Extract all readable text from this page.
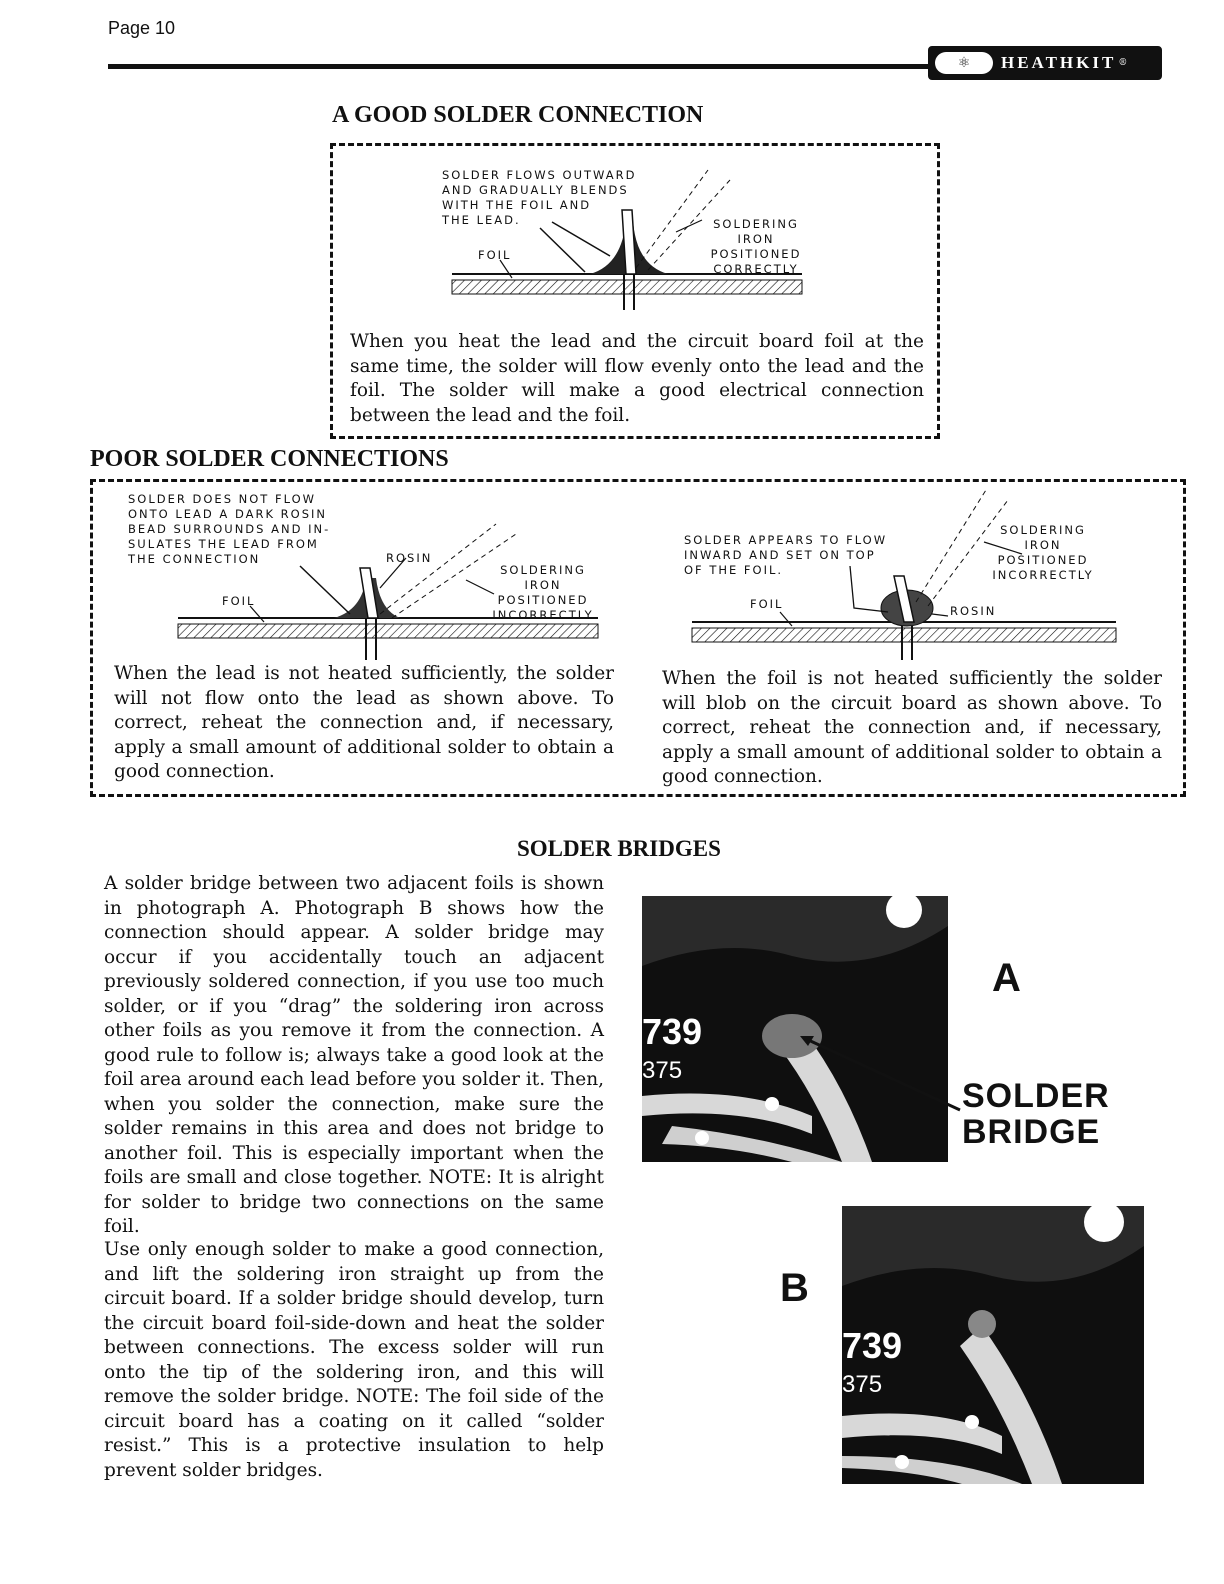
Page 10
⚛	HEATHKIT ®
A GOOD SOLDER CONNECTION
SOLDER FLOWS OUTWARD
AND GRADUALLY BLENDS
WITH THE FOIL AND
THE LEAD.
FOIL
SOLDERING
IRON
POSITIONED
CORRECTLY
When you heat the lead and the circuit board foil at the same time, the solder will flow evenly onto the lead and the foil. The solder will make a good electrical connection between the lead and the foil.
POOR SOLDER CONNECTIONS
SOLDER DOES NOT FLOW
ONTO LEAD A DARK ROSIN
BEAD SURROUNDS AND IN-
SULATES THE LEAD FROM
THE CONNECTION	ROSIN
FOIL
SOLDERING
IRON
POSITIONED
INCORRECTLY
When the lead is not heated sufficiently, the solder will not flow onto the lead as shown above. To correct, reheat the connection and, if necessary, apply a small amount of additional solder to obtain a good connection.
SOLDER APPEARS TO FLOW
INWARD AND SET ON TOP
OF THE FOIL.
ROSIN
FOIL
SOLDERING
IRON
POSITIONED
INCORRECTLY
When the foil is not heated sufficiently the solder will blob on the circuit board as shown above. To correct, reheat the connection and, if necessary, apply a small amount of additional solder to obtain a good connection.
SOLDER BRIDGES
A solder bridge between two adjacent foils is shown in photograph A. Photograph B shows how the connection should appear. A solder bridge may occur if you accidentally touch an adjacent previously soldered connection, if you use too much solder, or if you “drag” the soldering iron across other foils as you remove it from the connection. A good rule to follow is; always take a good look at the foil area around each lead before you solder it. Then, when you solder the connection, make sure the solder remains in this area and does not bridge to another foil. This is especially important when the foils are small and close together. NOTE: It is alright for solder to bridge two connections on the same foil.
Use only enough solder to make a good connection, and lift the soldering iron straight up from the circuit board. If a solder bridge should develop, turn the circuit board foil-side-down and heat the solder between connections. The excess solder will run onto the tip of the soldering iron, and this will remove the solder bridge. NOTE: The foil side of the circuit board has a coating on it called “solder resist.” This is a protective insulation to help prevent solder bridges.
739
375
A
SOLDER
BRIDGE
739
375
B
